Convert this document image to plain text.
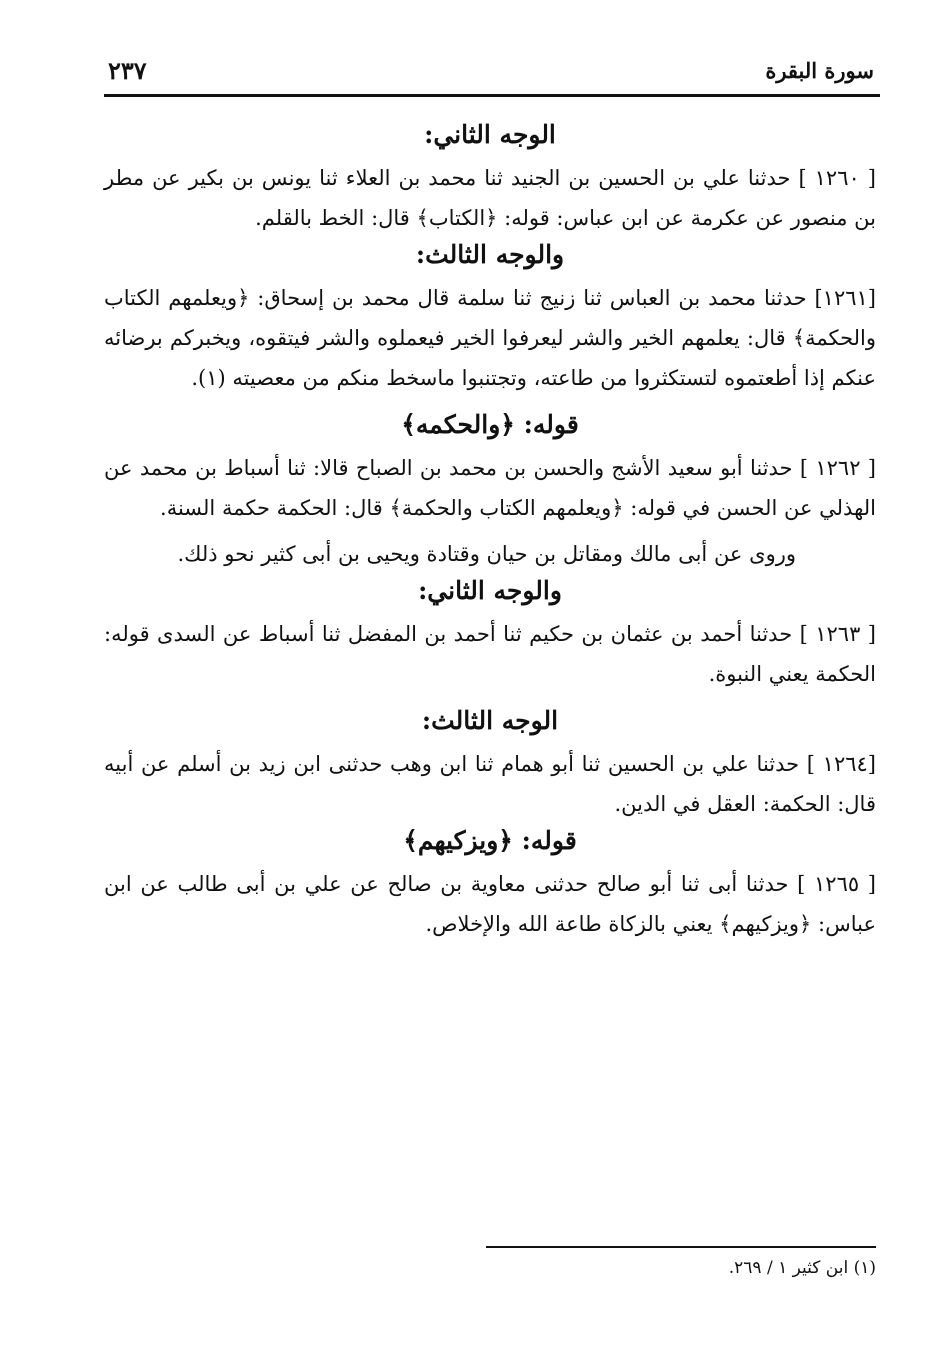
سورة البقرة
٢٣٧
الوجه الثاني:

[ ١٢٦٠ ] حدثنا علي بن الحسين بن الجنيد ثنا محمد بن العلاء ثنا يونس بن بكير عن مطر بن منصور عن عكرمة عن ابن عباس: قوله: ﴿الكتاب﴾ قال: الخط بالقلم.

والوجه الثالث:

[١٢٦١] حدثنا محمد بن العباس ثنا زنيج ثنا سلمة قال محمد بن إسحاق: ﴿ويعلمهم الكتاب والحكمة﴾ قال: يعلمهم الخير والشر ليعرفوا الخير فيعملوه والشر فيتقوه، ويخبركم برضائه عنكم إذا أطعتموه لتستكثروا من طاعته، وتجتنبوا ماسخط منكم من معصيته (١).

قوله: ﴿والحكمه﴾

[ ١٢٦٢ ] حدثنا أبو سعيد الأشج والحسن بن محمد بن الصباح قالا: ثنا أسباط بن محمد عن الهذلي عن الحسن في قوله: ﴿ويعلمهم الكتاب والحكمة﴾ قال: الحكمة حكمة السنة.

وروى عن أبى مالك ومقاتل بن حيان وقتادة ويحيى بن أبى كثير نحو ذلك.

والوجه الثاني:

[ ١٢٦٣ ] حدثنا أحمد بن عثمان بن حكيم ثنا أحمد بن المفضل ثنا أسباط عن السدى قوله: الحكمة يعني النبوة.

الوجه الثالث:

[١٢٦٤ ] حدثنا علي بن الحسين ثنا أبو همام ثنا ابن وهب حدثنى ابن زيد بن أسلم عن أبيه قال: الحكمة: العقل في الدين.

قوله: ﴿ويزكيهم﴾

[ ١٢٦٥ ] حدثنا أبى ثنا أبو صالح حدثنى معاوية بن صالح عن علي بن أبى طالب عن ابن عباس: ﴿ويزكيهم﴾ يعني بالزكاة طاعة الله والإخلاص.

(١) ابن كثير ١ / ٢٦٩.
